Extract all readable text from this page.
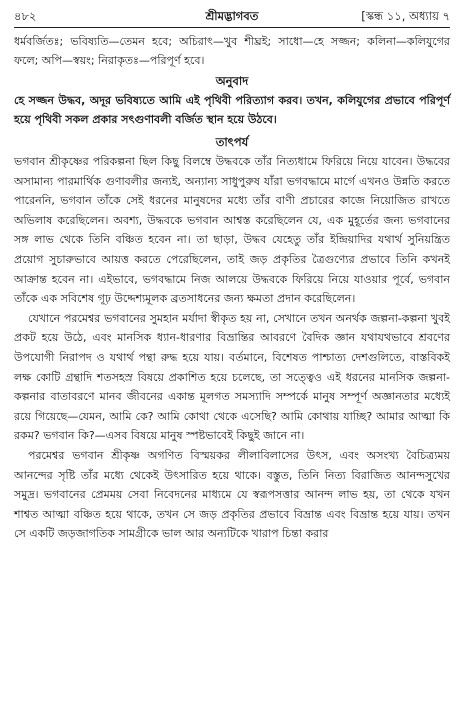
৪৮২	শ্রীমদ্ভাগবত	[স্কন্ধ ১১, অধ্যায় ৭

ধর্মবর্জিতঃ; ভবিষ্যতি—তেমন হবে; অচিরাৎ—খুব শীঘ্রই; সাধো—হে সজ্জন; কলিনা—কলিযুগের ফলে; অপি—স্বয়ং; নিরাকৃতঃ—পরিপূর্ণ হবে।

অনুবাদ

হে সজ্জন উদ্ধব, অদূর ভবিষ্যতে আমি এই পৃথিবী পরিত্যাগ করব। তখন, কলিযুগের প্রভাবে পরিপূর্ণ হয়ে পৃথিবী সকল প্রকার সৎগুণাবলী বর্জিত স্থান হয়ে উঠবে।

তাৎপর্য

ভগবান শ্রীকৃষ্ণের পরিকল্পনা ছিল কিছু বিলম্বে উদ্ধবকে তাঁর নিত্যধামে ফিরিয়ে নিয়ে যাবেন। উদ্ধবের অসামান্য পারমার্থিক গুণাবলীর জন্যই, অন্যান্য সাধুপুরুষ যাঁরা ভগবদ্ধামে মার্গে এখনও উন্নতি করতে পারেননি, ভগবান তাঁকে সেই ধরনের মানুষদের মধ্যে তাঁর বাণী প্রচারের কাজে নিয়োজিত রাখতে অভিলাষ করেছিলেন। অবশ্য, উদ্ধবকে ভগবান আশ্বস্ত করেছিলেন যে, এক মুহূর্তের জন্য ভগবানের সঙ্গ লাভ থেকে তিনি বঞ্চিত হবেন না। তা ছাড়া, উদ্ধব যেহেতু তাঁর ইন্দ্রিয়াদির যথার্থ সুনিয়ন্ত্রিত প্রয়োগ সুচারুভাবে আয়ত্ত করতে পেরেছিলেন, তাই জড় প্রকৃতির ত্রৈগুণ্যের প্রভাবে তিনি কখনই আক্রান্ত হবেন না। এইভাবে, ভগবদ্ধামে নিজ আলয়ে উদ্ধবকে ফিরিয়ে নিয়ে যাওয়ার পূর্বে, ভগবান তাঁকে এক সবিশেষ গূঢ় উদ্দেশ্যমূলক ব্রতসাধনের জন্য ক্ষমতা প্রদান করেছিলেন।

যেখানে পরমেশ্বর ভগবানের সুমহান মর্যাদা স্বীকৃত হয় না, সেখানে তখন অনর্থক জল্পনা-কল্পনা খুবই প্রকট হয়ে উঠে, এবং মানসিক ধ্যান-ধারণার বিভ্রান্তির আবরণে বৈদিক জ্ঞান যথাযথভাবে শ্রবণের উপযোগী নিরাপদ ও যথার্থ পন্থা রুদ্ধ হয়ে যায়। বর্তমানে, বিশেষত পাশ্চাত্য দেশগুলিতে, বাস্তবিকই লক্ষ কোটি গ্রন্থাদি শতসহস্র বিষয়ে প্রকাশিত হয়ে চলেছে, তা সত্ত্বেও এই ধরনের মানসিক জল্পনা-কল্পনার বাতাবরণে মানব জীবনের একান্ত মূলগত সমস্যাদি সম্পর্কে মানুষ সম্পূর্ণ অজ্ঞানতার মধ্যেই রয়ে গিয়েছে—যেমন, আমি কে? আমি কোথা থেকে এসেছি? আমি কোথায় যাচ্ছি? আমার আত্মা কি রকম? ভগবান কি?—এসব বিষয়ে মানুষ স্পষ্টভাবেই কিছুই জানে না।

পরমেশ্বর ভগবান শ্রীকৃষ্ণ অগণিত বিস্ময়কর লীলাবিলাসের উৎস, এবং অসংখ্য বৈচিত্র্যময় আনন্দের সৃষ্টি তাঁর মধ্যে থেকেই উৎসারিত হয়ে থাকে। বস্তুত, তিনি নিত্য বিরাজিত আনন্দসুখের সমুদ্র। ভগবানের প্রেমময় সেবা নিবেদনের মাধ্যমে যে স্বরূপসত্তার আনন্দ লাভ হয়, তা থেকে যখন শাশ্বত আত্মা বঞ্চিত হয়ে থাকে, তখন সে জড় প্রকৃতির প্রভাবে বিভ্রান্ত এবং বিভ্রান্ত হয়ে যায়। তখন সে একটি জড়জাগতিক সামগ্রীকে ভাল আর অন্যটিকে খারাপ চিন্তা করার
